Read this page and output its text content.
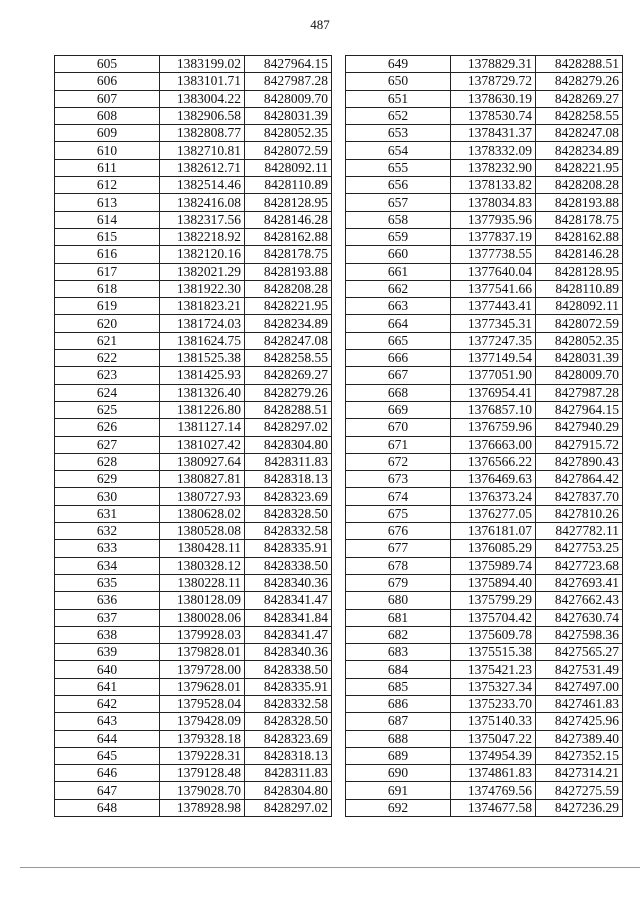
487
605	1383199.02	8427964.15
606	1383101.71	8427987.28
607	1383004.22	8428009.70
608	1382906.58	8428031.39
609	1382808.77	8428052.35
610	1382710.81	8428072.59
611	1382612.71	8428092.11
612	1382514.46	8428110.89
613	1382416.08	8428128.95
614	1382317.56	8428146.28
615	1382218.92	8428162.88
616	1382120.16	8428178.75
617	1382021.29	8428193.88
618	1381922.30	8428208.28
619	1381823.21	8428221.95
620	1381724.03	8428234.89
621	1381624.75	8428247.08
622	1381525.38	8428258.55
623	1381425.93	8428269.27
624	1381326.40	8428279.26
625	1381226.80	8428288.51
626	1381127.14	8428297.02
627	1381027.42	8428304.80
628	1380927.64	8428311.83
629	1380827.81	8428318.13
630	1380727.93	8428323.69
631	1380628.02	8428328.50
632	1380528.08	8428332.58
633	1380428.11	8428335.91
634	1380328.12	8428338.50
635	1380228.11	8428340.36
636	1380128.09	8428341.47
637	1380028.06	8428341.84
638	1379928.03	8428341.47
639	1379828.01	8428340.36
640	1379728.00	8428338.50
641	1379628.01	8428335.91
642	1379528.04	8428332.58
643	1379428.09	8428328.50
644	1379328.18	8428323.69
645	1379228.31	8428318.13
646	1379128.48	8428311.83
647	1379028.70	8428304.80
648	1378928.98	8428297.02
649	1378829.31	8428288.51
650	1378729.72	8428279.26
651	1378630.19	8428269.27
652	1378530.74	8428258.55
653	1378431.37	8428247.08
654	1378332.09	8428234.89
655	1378232.90	8428221.95
656	1378133.82	8428208.28
657	1378034.83	8428193.88
658	1377935.96	8428178.75
659	1377837.19	8428162.88
660	1377738.55	8428146.28
661	1377640.04	8428128.95
662	1377541.66	8428110.89
663	1377443.41	8428092.11
664	1377345.31	8428072.59
665	1377247.35	8428052.35
666	1377149.54	8428031.39
667	1377051.90	8428009.70
668	1376954.41	8427987.28
669	1376857.10	8427964.15
670	1376759.96	8427940.29
671	1376663.00	8427915.72
672	1376566.22	8427890.43
673	1376469.63	8427864.42
674	1376373.24	8427837.70
675	1376277.05	8427810.26
676	1376181.07	8427782.11
677	1376085.29	8427753.25
678	1375989.74	8427723.68
679	1375894.40	8427693.41
680	1375799.29	8427662.43
681	1375704.42	8427630.74
682	1375609.78	8427598.36
683	1375515.38	8427565.27
684	1375421.23	8427531.49
685	1375327.34	8427497.00
686	1375233.70	8427461.83
687	1375140.33	8427425.96
688	1375047.22	8427389.40
689	1374954.39	8427352.15
690	1374861.83	8427314.21
691	1374769.56	8427275.59
692	1374677.58	8427236.29
